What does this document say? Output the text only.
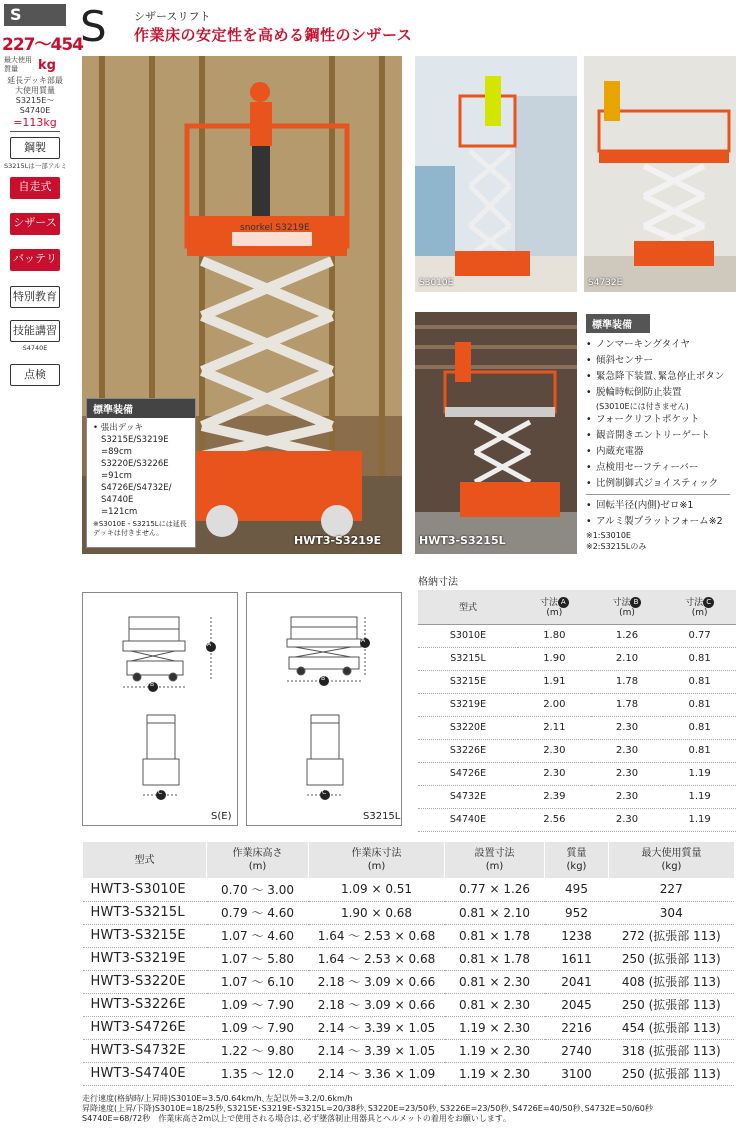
S
227～454
最大使用質量	kg
延長デッキ部最大使用質量
S3215E～S4740E
=113kg
鋼製
S3215Lは一部アルミ
自走式
シザース式
バッテリー
特別教育
技能講習
S4740E
点検
S シザースリフト
作業床の安定性を高める鋼性のシザース
snorkel S3219E
HWT3-S3219E
標準装備
• 張出デッキ
S3215E/S3219E
=89cm
S3220E/S3226E
=91cm
S4726E/S4732E/
S4740E
=121cm
※S3010E・S3215Lには延長デッキは付きません。
S3010E	S4732E
HWT3-S3215L
標準装備
• ノンマーキングタイヤ
• 傾斜センサー
• 緊急降下装置､緊急停止ボタン
• 脱輪時転倒防止装置
(S3010Eには付きません)
• フォークリフトポケット
• 観音開きエントリーゲート
• 内蔵充電器
• 点検用セーフティーバー
• 比例制御式ジョイスティック
• 回転半径(内側)ゼロ※1
• アルミ製プラットフォーム※2
※1:S3010E
※2:S3215Lのみ
A
B
C
S(E)
A
B
C
S3215L
格納寸法
型式	寸法 A
(m)	寸法 B
(m)	寸法 C
(m)
S3010E	1.80	1.26	0.77
S3215L	1.90	2.10	0.81
S3215E	1.91	1.78	0.81
S3219E	2.00	1.78	0.81
S3220E	2.11	2.30	0.81
S3226E	2.30	2.30	0.81
S4726E	2.30	2.30	1.19
S4732E	2.39	2.30	1.19
S4740E	2.56	2.30	1.19
型式	作業床高さ
(m)	作業床寸法
(m)	設置寸法
(m)	質量
(kg)	最大使用質量
(kg)
HWT3-S3010E	0.70 ～ 3.00	1.09 × 0.51	0.77 × 1.26	495	227
HWT3-S3215L	0.79 ～ 4.60	1.90 × 0.68	0.81 × 2.10	952	304
HWT3-S3215E	1.07 ～ 4.60	1.64 ～ 2.53 × 0.68	0.81 × 1.78	1238	272 (拡張部 113)
HWT3-S3219E	1.07 ～ 5.80	1.64 ～ 2.53 × 0.68	0.81 × 1.78	1611	250 (拡張部 113)
HWT3-S3220E	1.07 ～ 6.10	2.18 ～ 3.09 × 0.66	0.81 × 2.30	2041	408 (拡張部 113)
HWT3-S3226E	1.09 ～ 7.90	2.18 ～ 3.09 × 0.66	0.81 × 2.30	2045	250 (拡張部 113)
HWT3-S4726E	1.09 ～ 7.90	2.14 ～ 3.39 × 1.05	1.19 × 2.30	2216	454 (拡張部 113)
HWT3-S4732E	1.22 ～ 9.80	2.14 ～ 3.39 × 1.05	1.19 × 2.30	2740	318 (拡張部 113)
HWT3-S4740E	1.35 ～ 12.0	2.14 ～ 3.36 × 1.09	1.19 × 2.30	3100	250 (拡張部 113)
走行速度(格納時/上昇時)S3010E=3.5/0.64km/h､左記以外=3.2/0.6km/h
昇降速度(上昇/下降)S3010E=18/25秒､S3215E･S3219E･S3215L=20/38秒､S3220E=23/50秒､S3226E=23/50秒､S4726E=40/50秒､S4732E=50/60秒
S4740E=68/72秒　作業床高さ2m以上で使用される場合は､必ず墜落制止用器具とヘルメットの着用をお願いします｡
